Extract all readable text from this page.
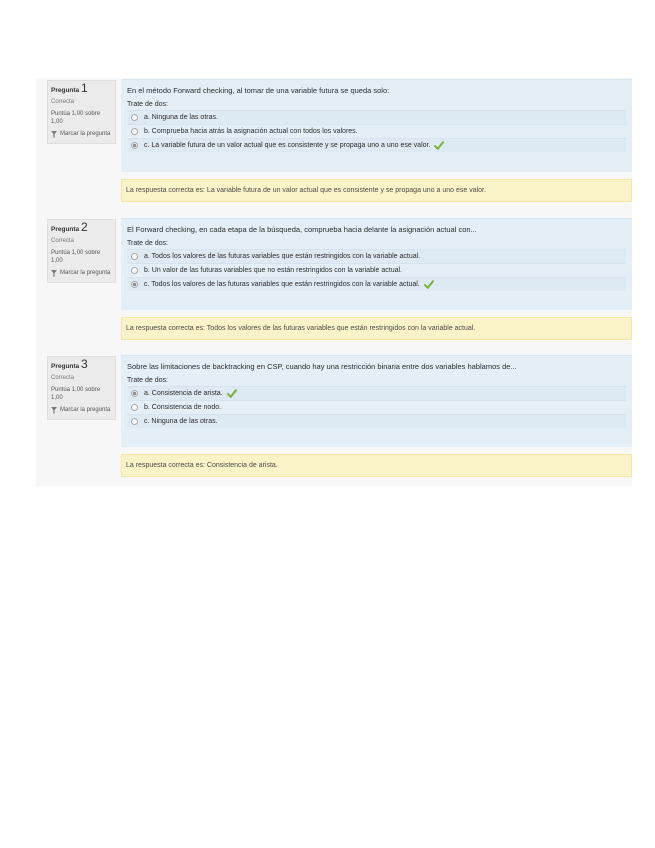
Pregunta 1
Correcta
Puntúa 1,00 sobre 1,00
Marcar la pregunta
En el método Forward checking, al tomar de una variable futura se queda solo:
Trate de dos:
a. Ninguna de las otras.
b. Comprueba hacia atrás la asignación actual con todos los valores.
c. La variable futura de un valor actual que es consistente y se propaga uno a uno ese valor.
La respuesta correcta es: La variable futura de un valor actual que es consistente y se propaga uno a uno ese valor.
Pregunta 2
Correcta
Puntúa 1,00 sobre 1,00
Marcar la pregunta
El Forward checking, en cada etapa de la búsqueda, comprueba hacia delante la asignación actual con...
Trate de dos:
a. Todos los valores de las futuras variables que están restringidos con la variable actual.
b. Un valor de las futuras variables que no están restringidos con la variable actual.
c. Todos los valores de las futuras variables que están restringidos con la variable actual.
La respuesta correcta es: Todos los valores de las futuras variables que están restringidos con la variable actual.
Pregunta 3
Correcta
Puntúa 1,00 sobre 1,00
Marcar la pregunta
Sobre las limitaciones de backtracking en CSP, cuando hay una restricción binaria entre dos variables hablamos de...
Trate de dos:
a. Consistencia de arista.
b. Consistencia de nodo.
c. Ninguna de las otras.
La respuesta correcta es: Consistencia de arista.
